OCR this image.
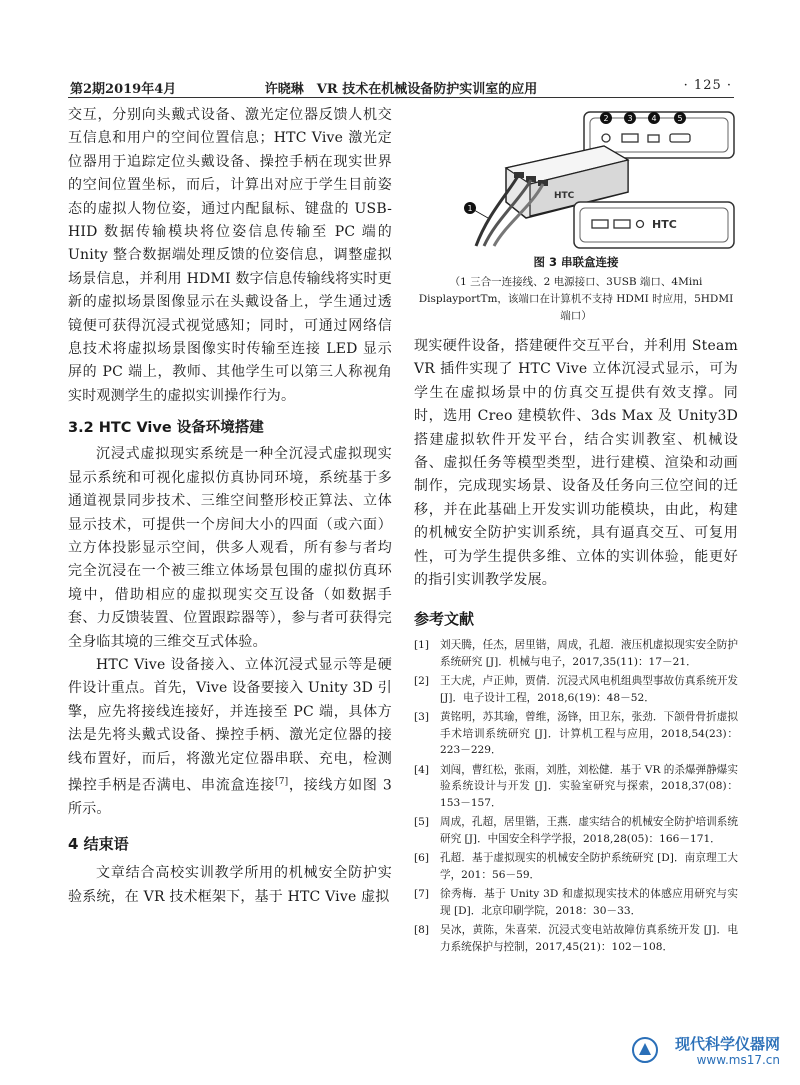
第2期2019年4月	许晓琳　VR 技术在机械设备防护实训室的应用	· 125 ·

交互，分别向头戴式设备、激光定位器反馈人机交互信息和用户的空间位置信息；HTC Vive 激光定位器用于追踪定位头戴设备、操控手柄在现实世界的空间位置坐标，而后，计算出对应于学生目前姿态的虚拟人物位姿，通过内配鼠标、键盘的 USB-HID 数据传输模块将位姿信息传输至 PC 端的 Unity 整合数据端处理反馈的位姿信息，调整虚拟场景信息，并利用 HDMI 数字信息传输线将实时更新的虚拟场景图像显示在头戴设备上，学生通过透镜便可获得沉浸式视觉感知；同时，可通过网络信息技术将虚拟场景图像实时传输至连接 LED 显示屏的 PC 端上，教师、其他学生可以第三人称视角实时观测学生的虚拟实训操作行为。

3.2 HTC Vive 设备环境搭建

沉浸式虚拟现实系统是一种全沉浸式虚拟现实显示系统和可视化虚拟仿真协同环境，系统基于多通道视景同步技术、三维空间整形校正算法、立体显示技术，可提供一个房间大小的四面（或六面）立方体投影显示空间，供多人观看，所有参与者均完全沉浸在一个被三维立体场景包围的虚拟仿真环境中，借助相应的虚拟现实交互设备（如数据手套、力反馈装置、位置跟踪器等），参与者可获得完全身临其境的三维交互式体验。

HTC Vive 设备接入、立体沉浸式显示等是硬件设计重点。首先，Vive 设备要接入 Unity 3D 引擎，应先将接线连接好，并连接至 PC 端，具体方法是先将头戴式设备、操控手柄、激光定位器的接线布置好，而后，将激光定位器串联、充电，检测操控手柄是否满电、串流盒连接[7]，接线方如图 3 所示。

4 结束语

文章结合高校实训教学所用的机械安全防护实验系统，在 VR 技术框架下，基于 HTC Vive 虚拟

2 3 4	5
HTC
1
HTC
图 3 串联盒连接
（1 三合一连接线、2 电源接口、3USB 端口、4Mini DisplayportTm，该端口在计算机不支持 HDMI 时应用，5HDMI 端口）

现实硬件设备，搭建硬件交互平台，并利用 Steam VR 插件实现了 HTC Vive 立体沉浸式显示，可为学生在虚拟场景中的仿真交互提供有效支撑。同时，选用 Creo 建模软件、3ds Max 及 Unity3D 搭建虚拟软件开发平台，结合实训教室、机械设备、虚拟任务等模型类型，进行建模、渲染和动画制作，完成现实场景、设备及任务向三位空间的迁移，并在此基础上开发实训功能模块，由此，构建的机械安全防护实训系统，具有逼真交互、可复用性，可为学生提供多维、立体的实训体验，能更好的指引实训教学发展。

参考文献
[1] 刘天腾，任杰，居里锴，周成，孔超．液压机虚拟现实安全防护系统研究 [J]．机械与电子，2017,35(11)：17－21．
[2] 王大虎，卢正帅，贾倩．沉浸式风电机组典型事故仿真系统开发 [J]．电子设计工程，2018,6(19)：48－52．
[3] 黄铭明，苏其瑜，曾维，汤锋，田卫东，张劲．下颌骨骨折虚拟手术培训系统研究 [J]．计算机工程与应用，2018,54(23)：223－229．
[4] 刘闯，曹红松，张雨，刘胜，刘松健．基于 VR 的杀爆弹静爆实验系统设计与开发 [J]．实验室研究与探索，2018,37(08)：153－157．
[5] 周成，孔超，居里锴，王燕．虚实结合的机械安全防护培训系统研究 [J]．中国安全科学学报，2018,28(05)：166－171．
[6] 孔超．基于虚拟现实的机械安全防护系统研究 [D]．南京理工大学，201：56－59．
[7] 徐秀梅．基于 Unity 3D 和虚拟现实技术的体感应用研究与实现 [D]．北京印刷学院，2018：30－33．
[8] 吴冰，黄陈，朱喜荣．沉浸式变电站故障仿真系统开发 [J]．电力系统保护与控制，2017,45(21)：102－108．
现代科学仪器网
www.ms17.cn
